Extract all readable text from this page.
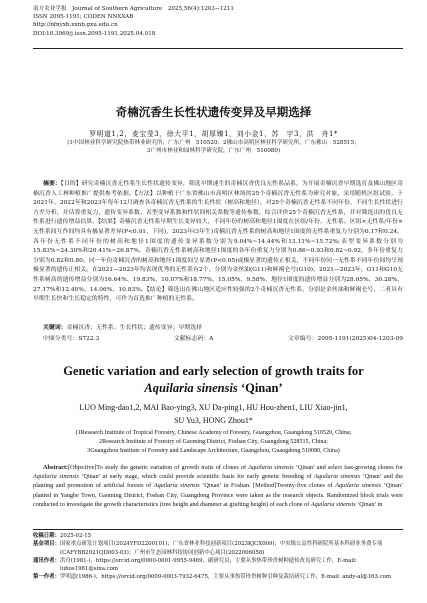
南方农业学报　Journal of Southern Agriculture　2025,56(4):1203−1211
ISSN 2095-1191; CODEN NNXXAB
http://nfnyxb.xxnb.gxu.edu.cn
DOI:10.3969/j.issn.2095-1191.2025.04.018
奇楠沉香生长性状遗传变异及早期选择
罗明道1,2，麦宝莹3，徐大平1，胡厚臻1，刘小金1，苏　宇3，洪　舟1*
(1中国林业科学研究院热带林业研究所，广东广州　510520；2佛山市高明区林业科学研究所，广东佛山　528515；
3广州市林业和园林科学研究院，广东广州　510080)
摘要：【目的】研究奇楠沉香无性系生长性状遗传变异，筛选早期速生的奇楠沉香优良无性系品系，为开展奇楠沉香早期选育及佛山地区奇楠沉香人工林种植推广提供参考依据。【方法】以种植于广东省佛山市高明区林场的25个奇楠沉香无性系为研究对象，采用随机区组试验，于2021年、2022年和2023年每年12月调查各奇楠沉香无性系的生长性状（树高和地径），对25个奇楠沉香无性系不同年份、不同生长性状进行方差分析，并估算重复力、遗传变异系数、表型变异系数和性状间相关系数等遗传参数，综合评价25个奇楠沉香无性系，并对筛选出的优良无性系进行遗传增益估算。【结果】奇楠沉香无性系早期生长变异较大，不同年份的树高和地径1围度在区组/年份、无性系、区组×无性系/年份×无性系间互作间均具有极显著差异(P<0.01，下同)，2023年(3年生)奇楠沉香无性系的树高和地径1围度的无性系重复力分别为0.17和0.24，各年份无性系不同年份的树高和地径1围度的遗传变异系数分别为9.04%~14.44%和13.11%~15.72%;表型变异系数分别为15.83%~24.30%和20.41%~26.87%，奇楠沉香无性系树高和地径1围度的各年份重复力分别为0.86~0.93和0.82~0.92，多年份重复力分别为0.82和0.80。同一年份奇楠沉香的树高和地径1围度间呈显著(P<0.05)或极显著的遗传正相关，不同年份同一无性系不同年份间均呈现极显著的遗传正相关。在2021—2023年均表现优秀的无性系有2个，分别为金丝油(G11)和鲜褐仑号(G10)，2021—2023年，G11和G10无性系树高的遗传增益分别为16.64%、19.83%、10.07%和18.77%、15.05%、9.58%，地径1围度的遗传增益分别为28.05%、30.28%、27.17%和12.40%、14.06%、10.83%。【结论】筛选出在佛山地区适应性较强的2个奇楠沉香无性系，分别是金丝油和鲜褐仑号，二者具有早期生长快和生长稳定的特性，可作为首选推广种植的无性系。
关键词：奇楠沉香；无性系；生长性状；遗传变异；早期选择
中图分类号：S722.3	文献标志码：A	文章编号：2095-1191(2025)04-1203-09
Genetic variation and early selection of growth traits for
Aquilaria sinensis ‘Qinan’
LUO Ming-dao1,2, MAI Bao-ying3, XU Da-ping1, HU Hou-zhen1, LIU Xiao-jin1,
SU Yu3, HONG Zhou1*
(1Research Institute of Tropical Forestry, Chinese Academy of Forestry, Guangzhou, Guangdong 510520, China;
2Research Institute of Forestry of Gaoming District, Foshan City, Guangdong 528515, China;
3Guangzhou Institute of Forestry and Landscape Architecture, Guangzhou, Guangdong 510080, China)
Abstract:[Objective]To study the genetic variation of growth traits of clones of Aquilaria sinensis ‘Qinan’ and select fast-growing clones for Aquilaria sinensis ‘Qinan’ at early stage, which could provide scientific basis for early genetic breeding of Aquilaria sinensis ‘Qinan’ and the planting and promotion of artificial forests of Aquilaria sinensis ‘Qinan’ in Foshan. [Method]Twenty-five clones of Aquilaria sinensis ‘Qinan’ planted in Yangbe Town, Gaoming District, Foshan City, Guangdong Province were taken as the research objects. Randomized block trials were conducted to investigate the growth characteristics (tree height and diameter at grafting height) of each clone of Aquilaria sinensis ‘Qinan’ in
收稿日期： 2025-02-15
基金项目： 国家重点研发计划项目(2024YFD2200101)；广东省林业科技创新项目(2023KJCX009)；中央级公益性科研院所基本科研业务费专项(CAFYBB2021QD003-03)；广州市生态园林科技协同创新中心项目(2022006058)
通讯作者： 洪舟(1981-)，https://orcid.org/0000-0001-9955-9469，副研究员，主要从事热带珍贵树种遗传改良研究工作，E-mail: luhos1981@sina.com
第一作者： 罗明道(1986-)，https://orcid.org/0009-0003-7932-6475，主要从事热带珍贵树种引种及栽培研究工作，E-mail: andy-al@163.com
